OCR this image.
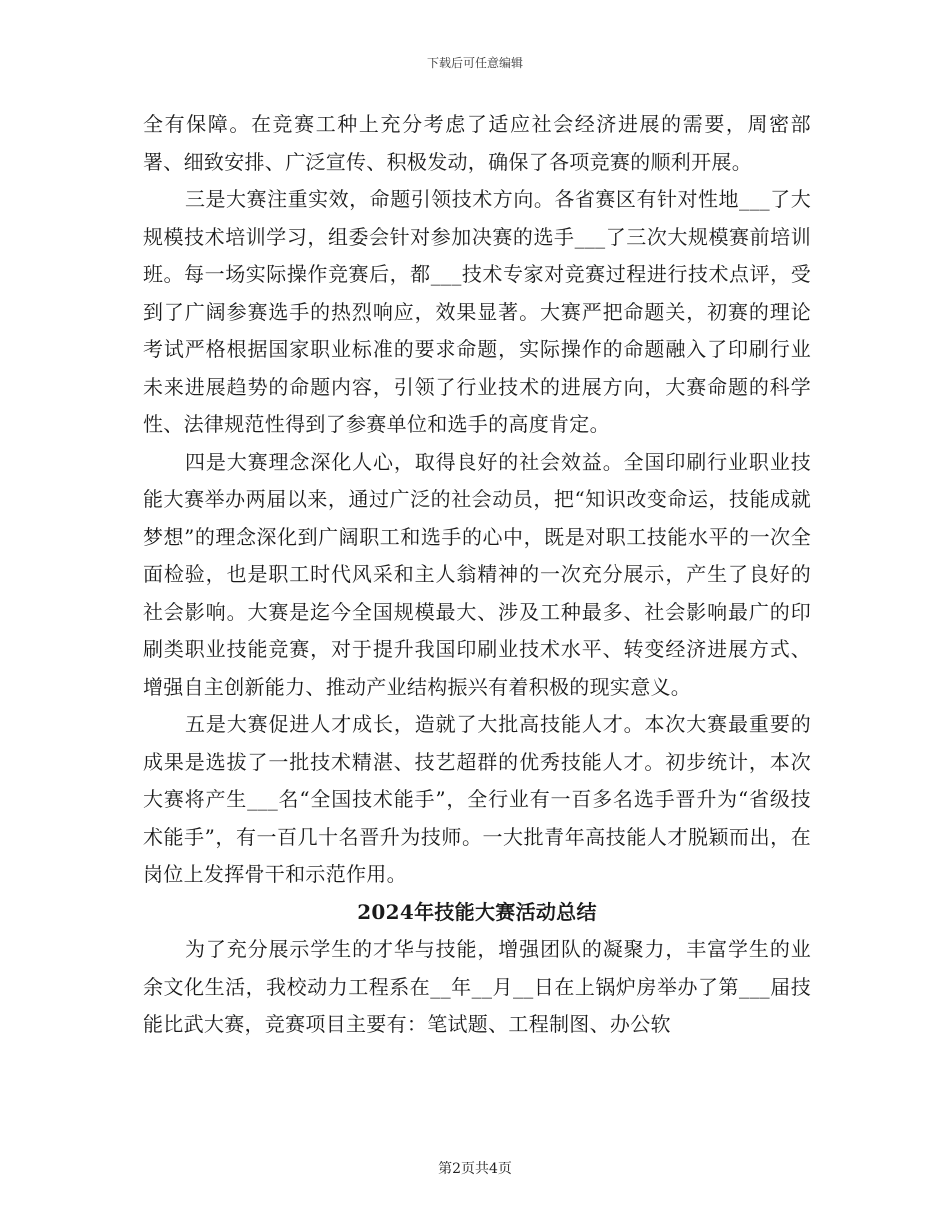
下载后可任意编辑

全有保障。在竞赛工种上充分考虑了适应社会经济进展的需要，周密部署、细致安排、广泛宣传、积极发动，确保了各项竞赛的顺利开展。

三是大赛注重实效，命题引领技术方向。各省赛区有针对性地___了大规模技术培训学习，组委会针对参加决赛的选手___了三次大规模赛前培训班。每一场实际操作竞赛后，都___技术专家对竞赛过程进行技术点评，受到了广阔参赛选手的热烈响应，效果显著。大赛严把命题关，初赛的理论考试严格根据国家职业标准的要求命题，实际操作的命题融入了印刷行业未来进展趋势的命题内容，引领了行业技术的进展方向，大赛命题的科学性、法律规范性得到了参赛单位和选手的高度肯定。

四是大赛理念深化人心，取得良好的社会效益。全国印刷行业职业技能大赛举办两届以来，通过广泛的社会动员，把“知识改变命运，技能成就梦想”的理念深化到广阔职工和选手的心中，既是对职工技能水平的一次全面检验，也是职工时代风采和主人翁精神的一次充分展示，产生了良好的社会影响。大赛是迄今全国规模最大、涉及工种最多、社会影响最广的印刷类职业技能竞赛，对于提升我国印刷业技术水平、转变经济进展方式、增强自主创新能力、推动产业结构振兴有着积极的现实意义。

五是大赛促进人才成长，造就了大批高技能人才。本次大赛最重要的成果是选拔了一批技术精湛、技艺超群的优秀技能人才。初步统计，本次大赛将产生___名“全国技术能手”，全行业有一百多名选手晋升为“省级技术能手”，有一百几十名晋升为技师。一大批青年高技能人才脱颖而出，在岗位上发挥骨干和示范作用。

2024年技能大赛活动总结

为了充分展示学生的才华与技能，增强团队的凝聚力，丰富学生的业余文化生活，我校动力工程系在__年__月__日在上锅炉房举办了第___届技能比武大赛，竞赛项目主要有：笔试题、工程制图、办公软

第2页共4页
